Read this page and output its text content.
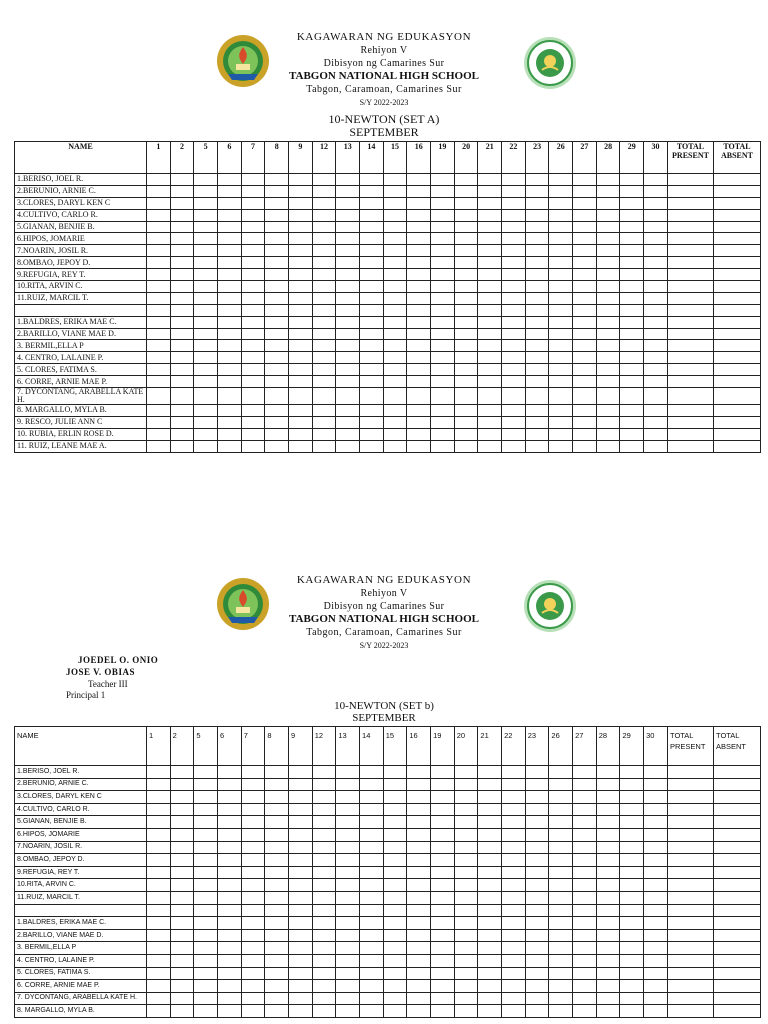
KAGAWARAN NG EDUKASYON
Rehiyon V
Dibisyon ng Camarines Sur
TABGON NATIONAL HIGH SCHOOL
Tabgon, Caramoan, Camarines Sur
S/Y 2022-2023
10-NEWTON (SET A)
SEPTEMBER
NAME	1	2	5	6	7	8	9	12	13	14	15	16	19	20	21	22	23	26	27	28	29	30	TOTAL PRESENT	TOTAL ABSENT
1.BERISO, JOEL R.																								
2.BERUNIO, ARNIE C.																								
3.CLORES, DARYL KEN C																								
4.CULTIVO, CARLO R.																								
5.GIANAN, BENJIE B.																								
6.HIPOS, JOMARIE																								
7.NOARIN, JOSIL R.																								
8.OMBAO, JEPOY D.																								
9.REFUGIA, REY T.																								
10.RITA, ARVIN C.																								
11.RUIZ, MARCIL T.																								

1.BALDRES, ERIKA MAE C.																								
2.BARILLO, VIANE MAE D.																								
3. BERMIL,ELLA P																								
4. CENTRO, LALAINE P.																								
5. CLORES, FATIMA S.																								
6. CORRE, ARNIE MAE P.																								
7. DYCONTANG, ARABELLA KATE H.																								
8. MARGALLO, MYLA B.																								
9. RESCO, JULIE ANN C																								
10. RUBIA, ERLIN ROSE D.																								
11. RUIZ, LEANE MAE A.																								
KAGAWARAN NG EDUKASYON
Rehiyon V
Dibisyon ng Camarines Sur
TABGON NATIONAL HIGH SCHOOL
Tabgon, Caramoan, Camarines Sur
S/Y 2022-2023
JOEDEL O. ONIO
JOSE V. OBIAS
Teacher III
Principal 1
10-NEWTON (SET b)
SEPTEMBER
NAME	1	2	5	6	7	8	9	12	13	14	15	16	19	20	21	22	23	26	27	28	29	30	TOTAL PRESENT	TOTAL ABSENT
1.BERISO, JOEL R.																								
2.BERUNIO, ARNIE C.																								
3.CLORES, DARYL KEN C																								
4.CULTIVO, CARLO R.																								
5.GIANAN, BENJIE B.																								
6.HIPOS, JOMARIE																								
7.NOARIN, JOSIL R.																								
8.OMBAO, JEPOY D.																								
9.REFUGIA, REY T.																								
10.RITA, ARVIN C.																								
11.RUIZ, MARCIL T.																								

1.BALDRES, ERIKA MAE C.																								
2.BARILLO, VIANE MAE D.																								
3. BERMIL,ELLA P																								
4. CENTRO, LALAINE P.																								
5. CLORES, FATIMA S.																								
6. CORRE, ARNIE MAE P.																								
7. DYCONTANG, ARABELLA KATE H.																								
8. MARGALLO, MYLA B.																								
